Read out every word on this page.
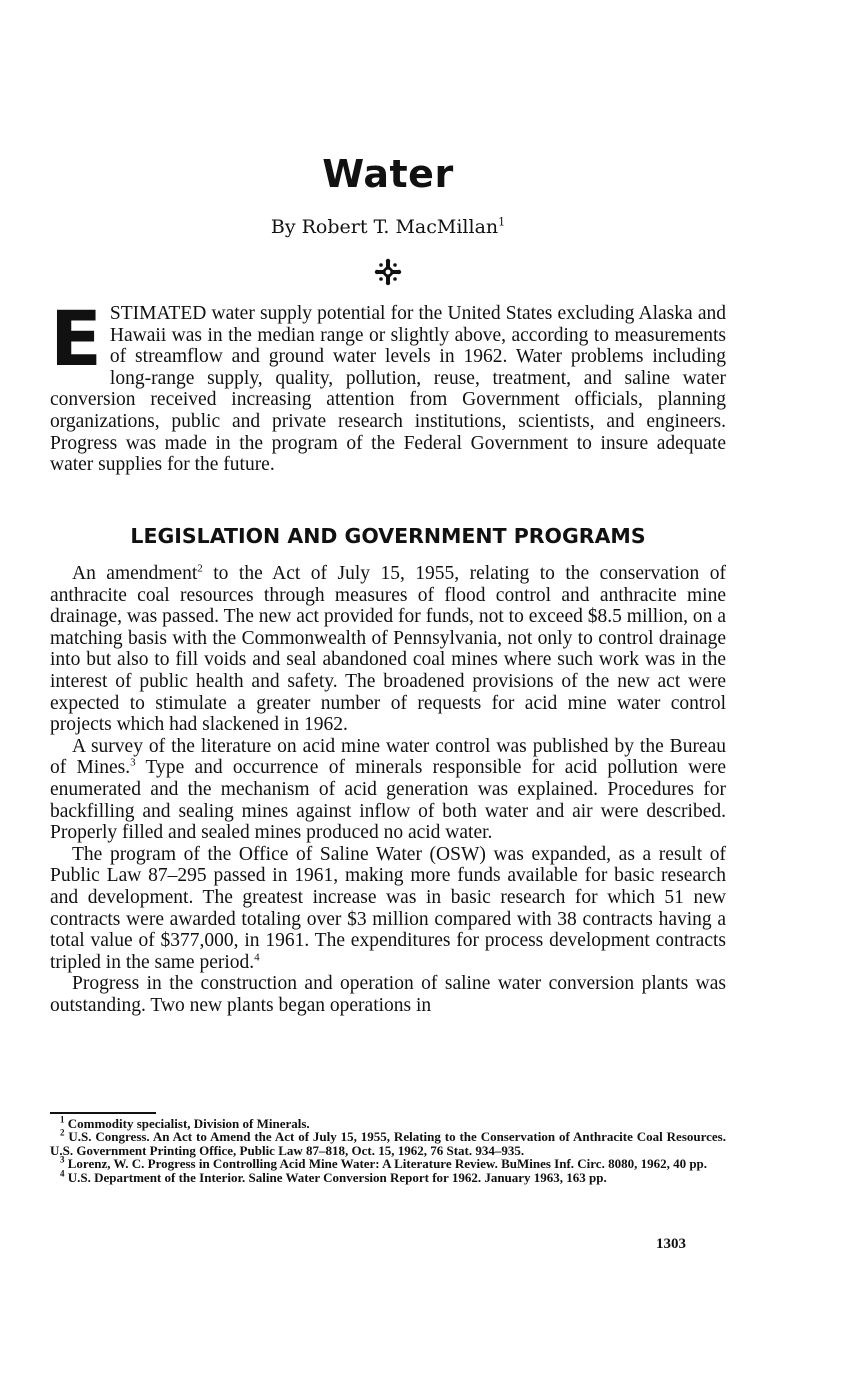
Water
By Robert T. MacMillan$^1$
ESTIMATED water supply potential for the United States excluding Alaska and Hawaii was in the median range or slightly above, according to measurements of streamflow and ground water levels in 1962. Water problems including long-range supply, quality, pollution, reuse, treatment, and saline water conversion received increasing attention from Government officials, planning organizations, public and private research institutions, scientists, and engineers. Progress was made in the program of the Federal Government to insure adequate water supplies for the future.
LEGISLATION AND GOVERNMENT PROGRAMS

An amendment$^2$ to the Act of July 15, 1955, relating to the conservation of anthracite coal resources through measures of flood control and anthracite mine drainage, was passed. The new act provided for funds, not to exceed $8.5 million, on a matching basis with the Commonwealth of Pennsylvania, not only to control drainage into but also to fill voids and seal abandoned coal mines where such work was in the interest of public health and safety. The broadened provisions of the new act were expected to stimulate a greater number of requests for acid mine water control projects which had slackened in 1962.

A survey of the literature on acid mine water control was published by the Bureau of Mines.$^3$ Type and occurrence of minerals responsible for acid pollution were enumerated and the mechanism of acid generation was explained. Procedures for backfilling and sealing mines against inflow of both water and air were described. Properly filled and sealed mines produced no acid water.

The program of the Office of Saline Water (OSW) was expanded, as a result of Public Law 87–295 passed in 1961, making more funds available for basic research and development. The greatest increase was in basic research for which 51 new contracts were awarded totaling over $3 million compared with 38 contracts having a total value of $377,000, in 1961. The expenditures for process development contracts tripled in the same period.$^4$

Progress in the construction and operation of saline water conversion plants was outstanding. Two new plants began operations in

$^1$ Commodity specialist, Division of Minerals.

$^2$ U.S. Congress. An Act to Amend the Act of July 15, 1955, Relating to the Conservation of Anthracite Coal Resources. U.S. Government Printing Office, Public Law 87–818, Oct. 15, 1962, 76 Stat. 934–935.

$^3$ Lorenz, W. C. Progress in Controlling Acid Mine Water: A Literature Review. BuMines Inf. Circ. 8080, 1962, 40 pp.

$^4$ U.S. Department of the Interior. Saline Water Conversion Report for 1962. January 1963, 163 pp.

1303
